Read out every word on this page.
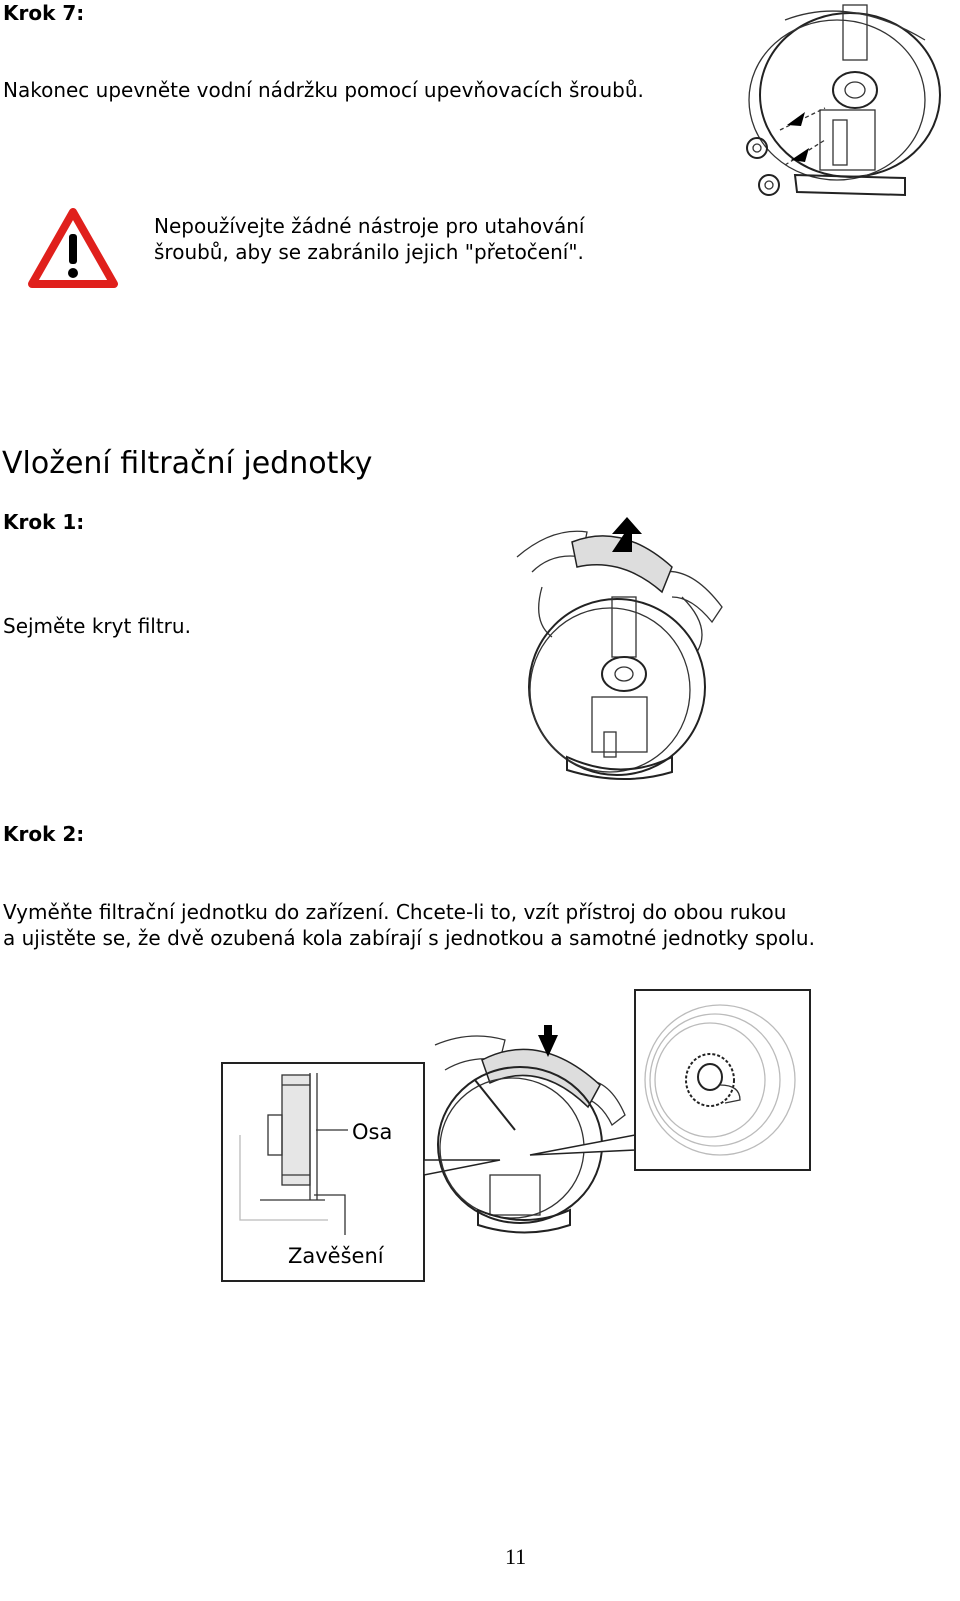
Krok 7:
Nakonec upevněte vodní nádržku pomocí upevňovacích šroubů.
Nepoužívejte žádné nástroje pro utahování
šroubů, aby se zabránilo jejich "přetočení".
Vložení filtrační jednotky
Krok 1:
Sejměte kryt filtru.
Krok 2:
Vyměňte filtrační jednotku do zařízení. Chcete-li to, vzít přístroj do obou rukou
a ujistěte se, že dvě ozubená kola zabírají s jednotkou a samotné jednotky spolu.
Osa
Zavěšení
11
